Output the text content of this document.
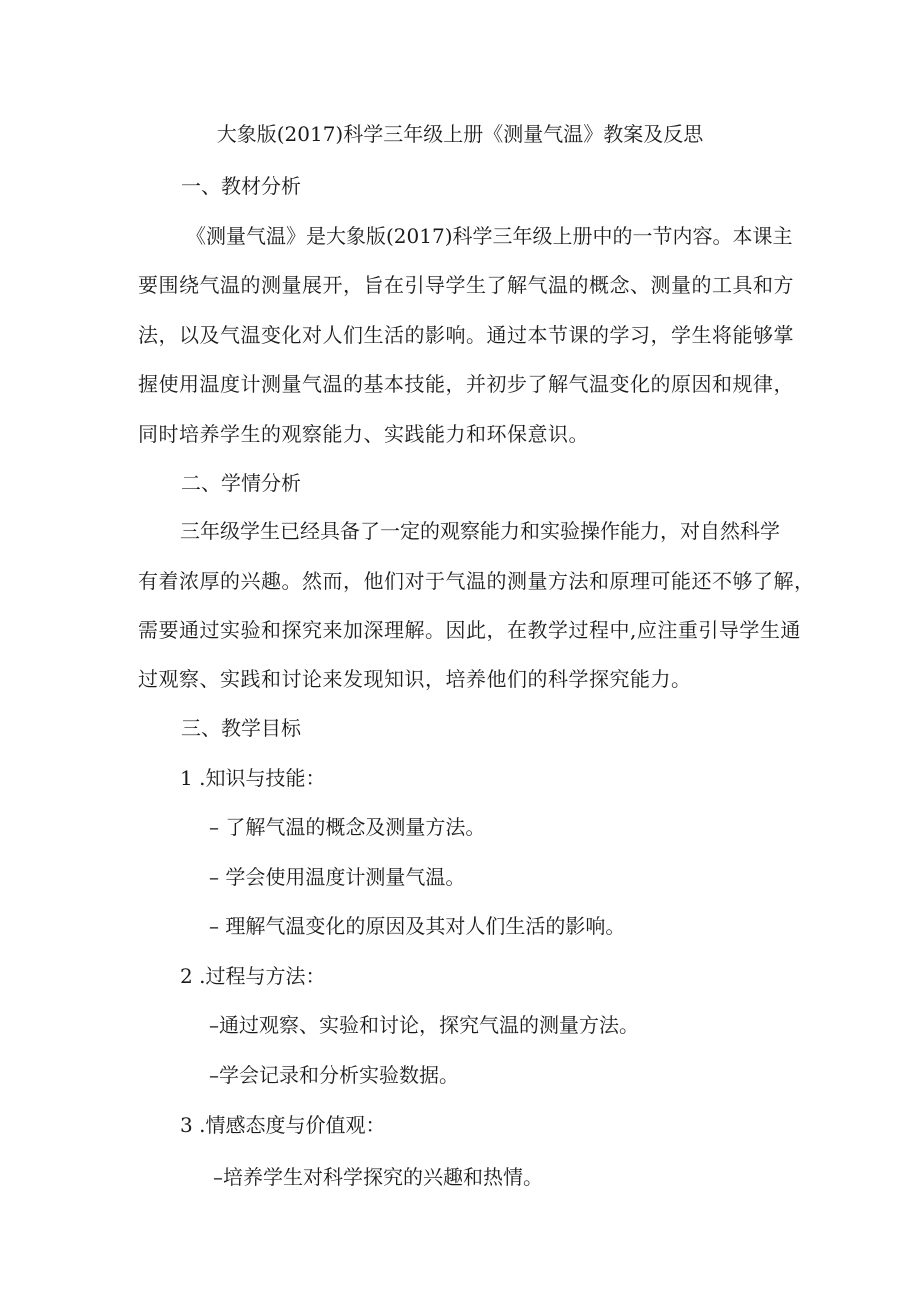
大象版(2017)科学三年级上册《测量气温》教案及反思
一、教材分析
《测量气温》是大象版(2017)科学三年级上册中的一节内容。本课主
要围绕气温的测量展开，旨在引导学生了解气温的概念、测量的工具和方
法，以及气温变化对人们生活的影响。通过本节课的学习，学生将能够掌
握使用温度计测量气温的基本技能，并初步了解气温变化的原因和规律，
同时培养学生的观察能力、实践能力和环保意识。
二、学情分析
三年级学生已经具备了一定的观察能力和实验操作能力，对自然科学
有着浓厚的兴趣。然而，他们对于气温的测量方法和原理可能还不够了解，
需要通过实验和探究来加深理解。因此，在教学过程中,应注重引导学生通
过观察、实践和讨论来发现知识，培养他们的科学探究能力。
三、教学目标
1 .知识与技能：
– 了解气温的概念及测量方法。
– 学会使用温度计测量气温。
– 理解气温变化的原因及其对人们生活的影响。
2 .过程与方法：
–通过观察、实验和讨论，探究气温的测量方法。
–学会记录和分析实验数据。
3 .情感态度与价值观：
–培养学生对科学探究的兴趣和热情。
